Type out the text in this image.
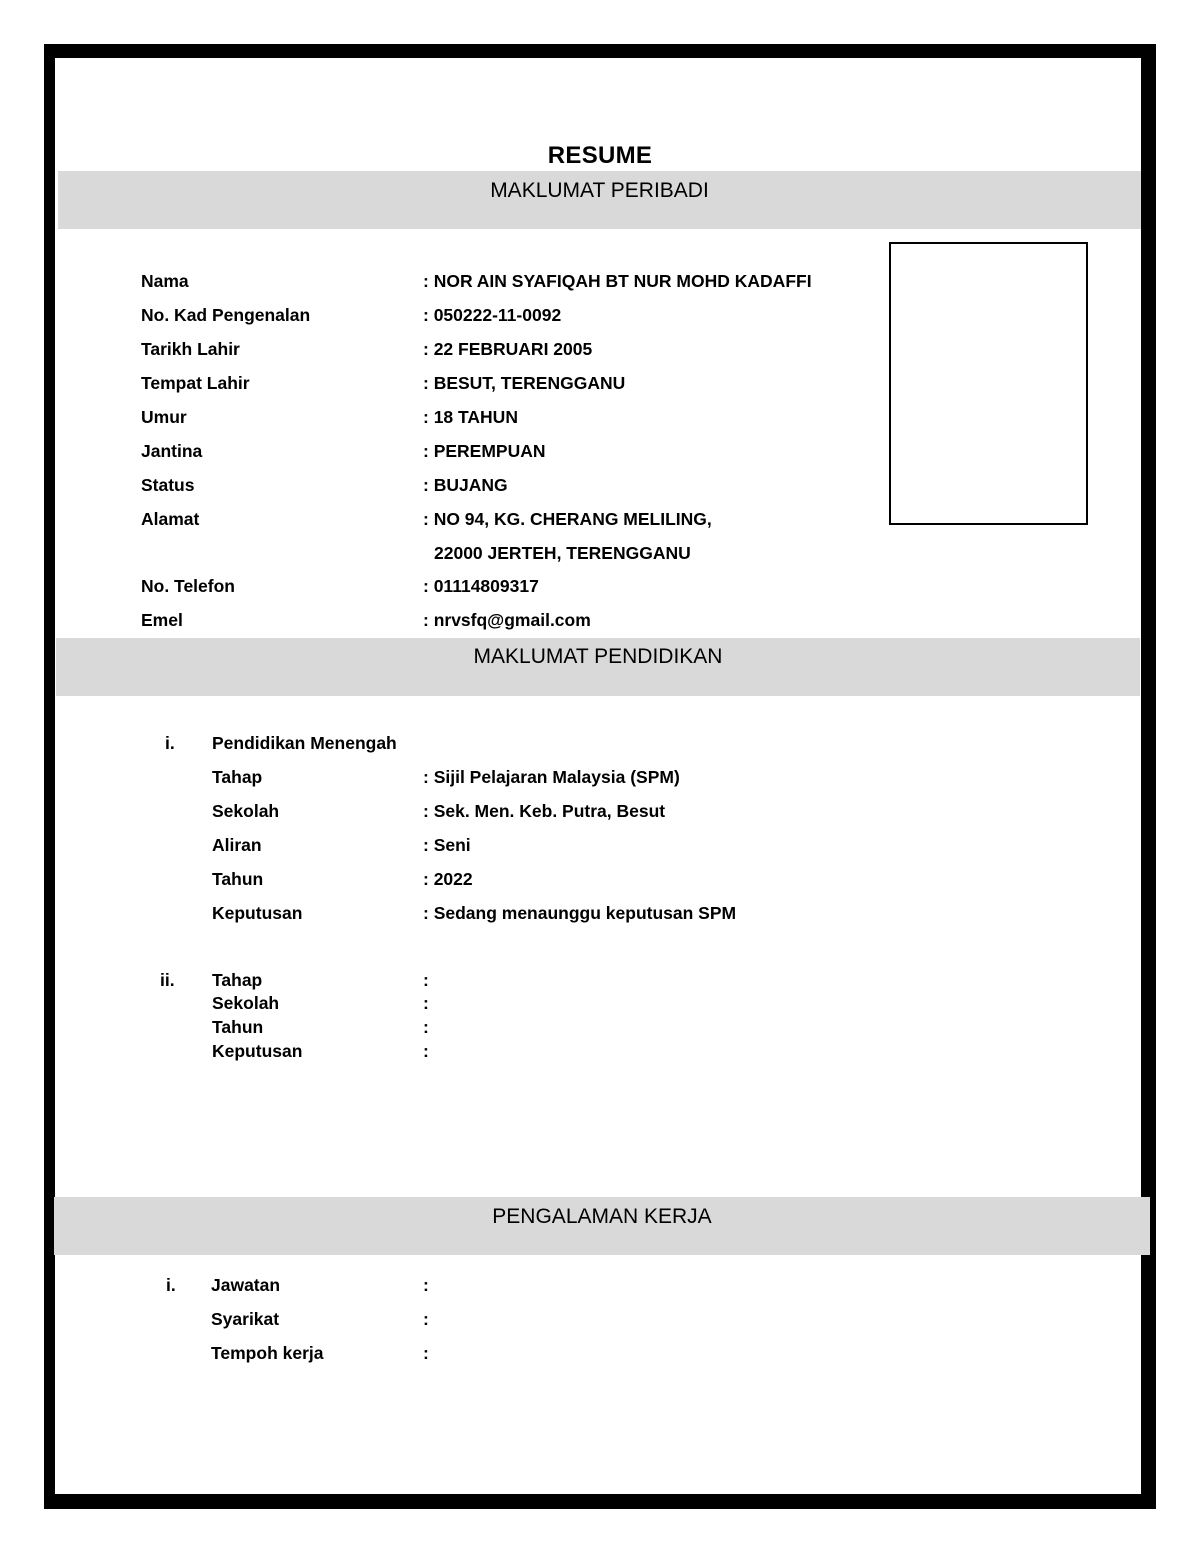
RESUME
MAKLUMAT PERIBADI
Nama	: NOR AIN SYAFIQAH BT NUR MOHD KADAFFI
No. Kad Pengenalan	: 050222-11-0092
Tarikh Lahir	: 22 FEBRUARI 2005
Tempat Lahir	: BESUT, TERENGGANU
Umur	: 18 TAHUN
Jantina	: PEREMPUAN
Status	: BUJANG
Alamat	: NO 94, KG. CHERANG MELILING,
22000 JERTEH, TERENGGANU
No. Telefon	: 01114809317
Emel	: nrvsfq@gmail.com
MAKLUMAT PENDIDIKAN
i. Pendidikan Menengah
Tahap	: Sijil Pelajaran Malaysia (SPM)
Sekolah	: Sek. Men. Keb. Putra, Besut
Aliran	: Seni
Tahun	: 2022
Keputusan	: Sedang menaunggu keputusan SPM
ii. Tahap	:
Sekolah	:
Tahun	:
Keputusan	:
PENGALAMAN KERJA
i. Jawatan	:
Syarikat	:
Tempoh kerja	:
